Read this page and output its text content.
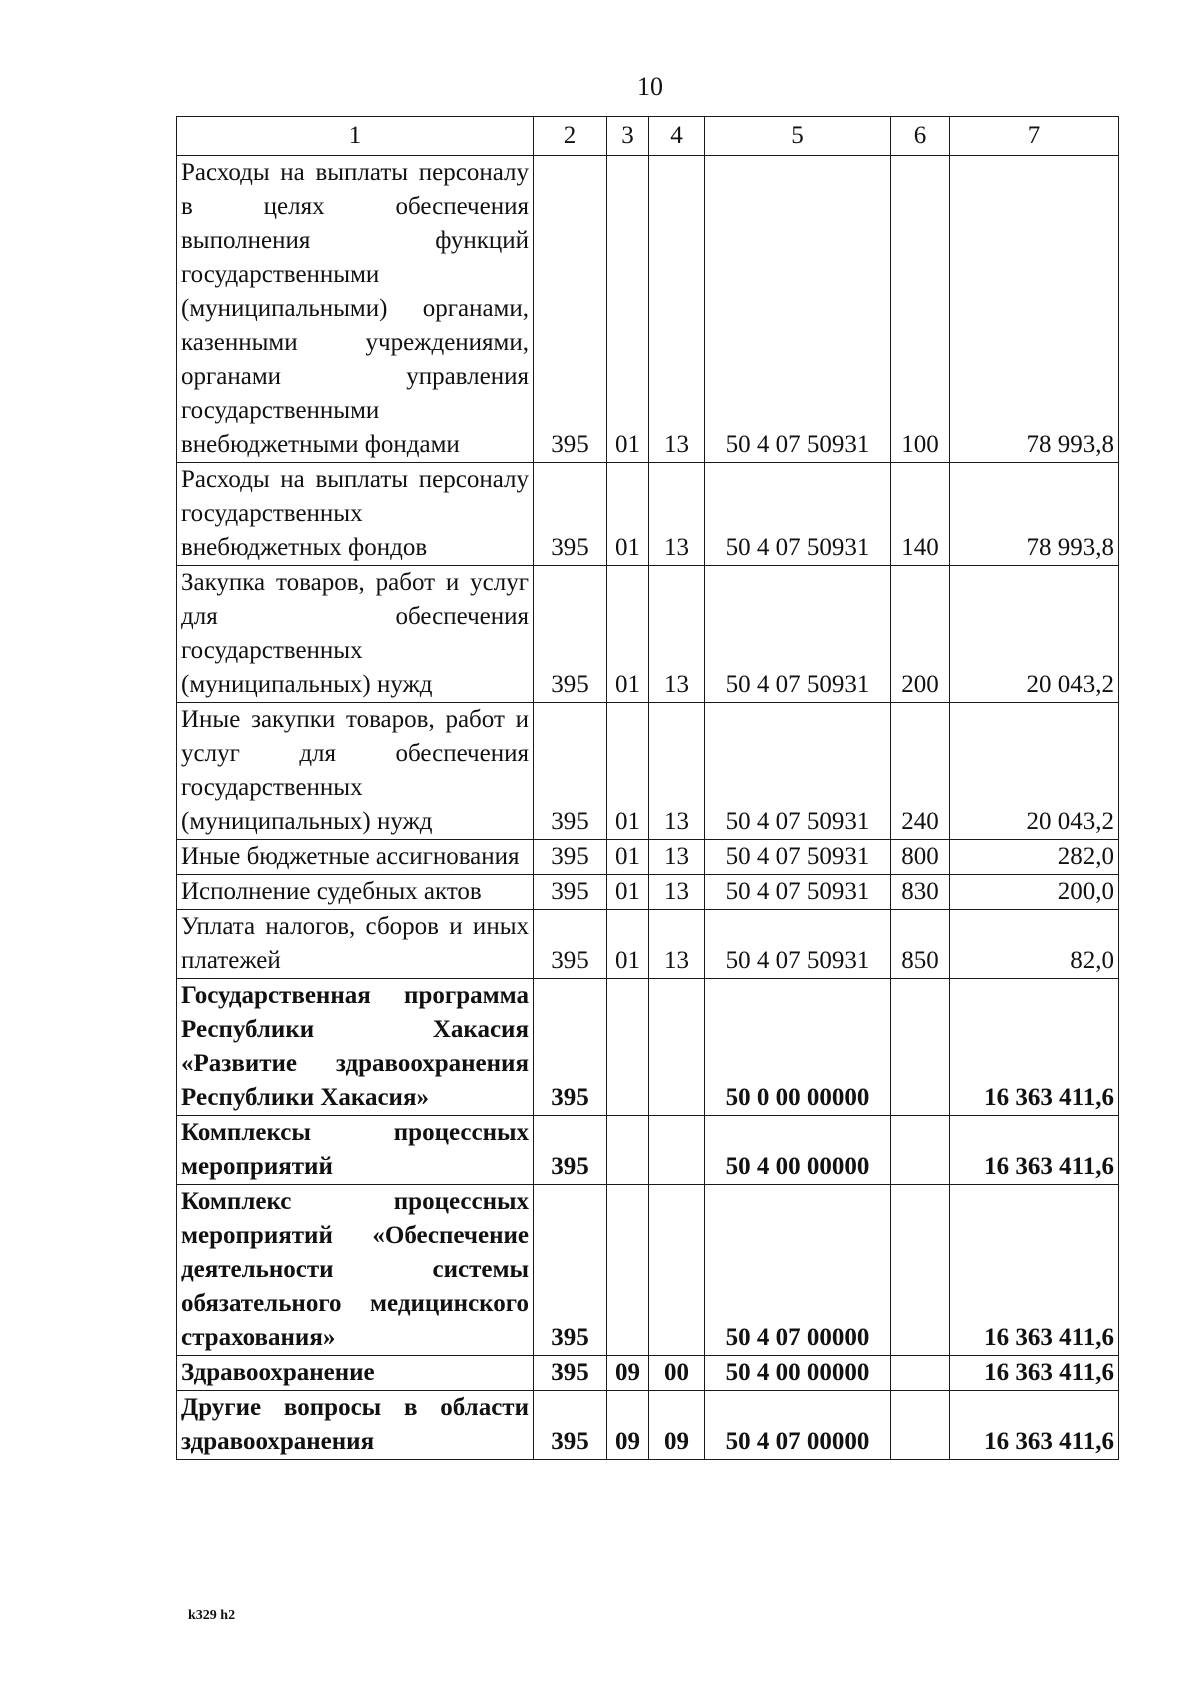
10
1	2	3	4	5	6	7
Расходы на выплаты персоналу в целях обеспечения выполнения функций государственными (муниципальными) органами, казенными учреждениями, органами управления государственными внебюджетными фондами	395	01	13	50 4 07 50931	100	78 993,8
Расходы на выплаты персоналу государственных внебюджетных фондов	395	01	13	50 4 07 50931	140	78 993,8
Закупка товаров, работ и услуг для обеспечения государственных (муниципальных) нужд	395	01	13	50 4 07 50931	200	20 043,2
Иные закупки товаров, работ и услуг для обеспечения государственных (муниципальных) нужд	395	01	13	50 4 07 50931	240	20 043,2
Иные бюджетные ассигнования	395	01	13	50 4 07 50931	800	282,0
Исполнение судебных актов	395	01	13	50 4 07 50931	830	200,0
Уплата налогов, сборов и иных платежей	395	01	13	50 4 07 50931	850	82,0
Государственная программа Республики Хакасия «Развитие здравоохранения Республики Хакасия»	395			50 0 00 00000		16 363 411,6
Комплексы процессных мероприятий	395			50 4 00 00000		16 363 411,6
Комплекс процессных мероприятий «Обеспечение деятельности системы обязательного медицинского страхования»	395			50 4 07 00000		16 363 411,6
Здравоохранение	395	09	00	50 4 00 00000		16 363 411,6
Другие вопросы в области здравоохранения	395	09	09	50 4 07 00000		16 363 411,6
k329 h2
